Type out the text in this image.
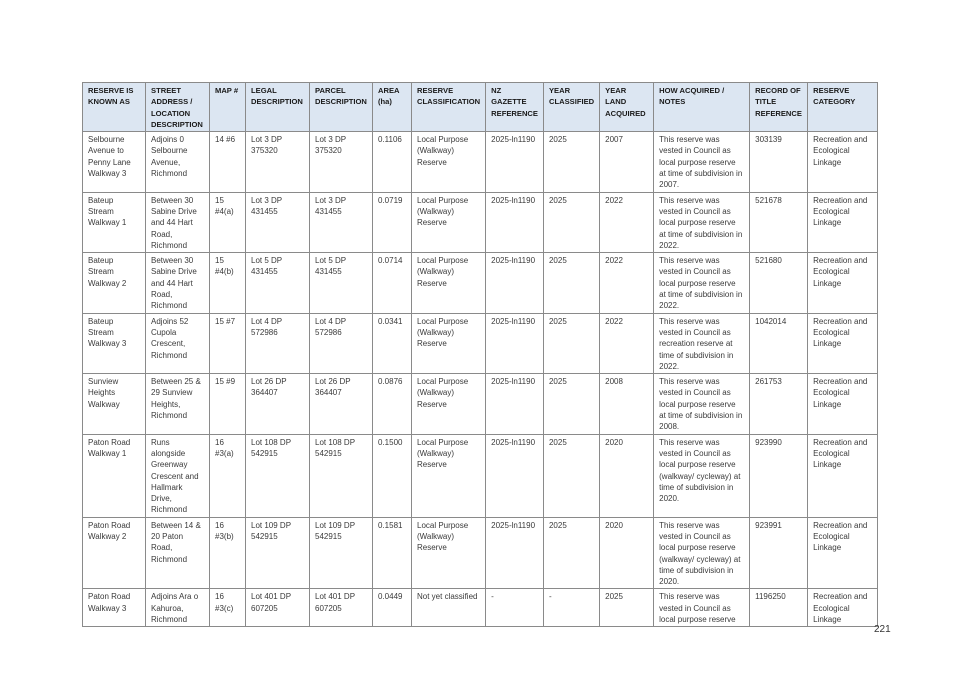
RESERVE IS KNOWN AS	STREET ADDRESS / LOCATION DESCRIPTION	MAP #	LEGAL DESCRIPTION	PARCEL DESCRIPTION	AREA (ha)	RESERVE CLASSIFICATION	NZ GAZETTE REFERENCE	YEAR CLASSIFIED	YEAR LAND ACQUIRED	HOW ACQUIRED / NOTES	RECORD OF TITLE REFERENCE	RESERVE CATEGORY
Selbourne Avenue to Penny Lane Walkway 3	Adjoins 0 Selbourne Avenue, Richmond	14 #6	Lot 3 DP 375320	Lot 3 DP 375320	0.1106	Local Purpose (Walkway) Reserve	2025-ln1190	2025	2007	This reserve was vested in Council as local purpose reserve at time of subdivision in 2007.	303139	Recreation and Ecological Linkage
Bateup Stream Walkway 1	Between 30 Sabine Drive and 44 Hart Road, Richmond	15 #4(a)	Lot 3 DP 431455	Lot 3 DP 431455	0.0719	Local Purpose (Walkway) Reserve	2025-ln1190	2025	2022	This reserve was vested in Council as local purpose reserve at time of subdivision in 2022.	521678	Recreation and Ecological Linkage
Bateup Stream Walkway 2	Between 30 Sabine Drive and 44 Hart Road, Richmond	15 #4(b)	Lot 5 DP 431455	Lot 5 DP 431455	0.0714	Local Purpose (Walkway) Reserve	2025-ln1190	2025	2022	This reserve was vested in Council as local purpose reserve at time of subdivision in 2022.	521680	Recreation and Ecological Linkage
Bateup Stream Walkway 3	Adjoins 52 Cupola Crescent, Richmond	15 #7	Lot 4 DP 572986	Lot 4 DP 572986	0.0341	Local Purpose (Walkway) Reserve	2025-ln1190	2025	2022	This reserve was vested in Council as recreation reserve at time of subdivision in 2022.	1042014	Recreation and Ecological Linkage
Sunview Heights Walkway	Between 25 & 29 Sunview Heights, Richmond	15 #9	Lot 26 DP 364407	Lot 26 DP 364407	0.0876	Local Purpose (Walkway) Reserve	2025-ln1190	2025	2008	This reserve was vested in Council as local purpose reserve at time of subdivision in 2008.	261753	Recreation and Ecological Linkage
Paton Road Walkway 1	Runs alongside Greenway Crescent and Hallmark Drive, Richmond	16 #3(a)	Lot 108 DP 542915	Lot 108 DP 542915	0.1500	Local Purpose (Walkway) Reserve	2025-ln1190	2025	2020	This reserve was vested in Council as local purpose reserve (walkway/ cycleway) at time of subdivision in 2020.	923990	Recreation and Ecological Linkage
Paton Road Walkway 2	Between 14 & 20 Paton Road, Richmond	16 #3(b)	Lot 109 DP 542915	Lot 109 DP 542915	0.1581	Local Purpose (Walkway) Reserve	2025-ln1190	2025	2020	This reserve was vested in Council as local purpose reserve (walkway/ cycleway) at time of subdivision in 2020.	923991	Recreation and Ecological Linkage
Paton Road Walkway 3	Adjoins Ara o Kahuroa, Richmond	16 #3(c)	Lot 401 DP 607205	Lot 401 DP 607205	0.0449	Not yet classified	-	-	2025	This reserve was vested in Council as local purpose reserve	1196250	Recreation and Ecological Linkage
221
